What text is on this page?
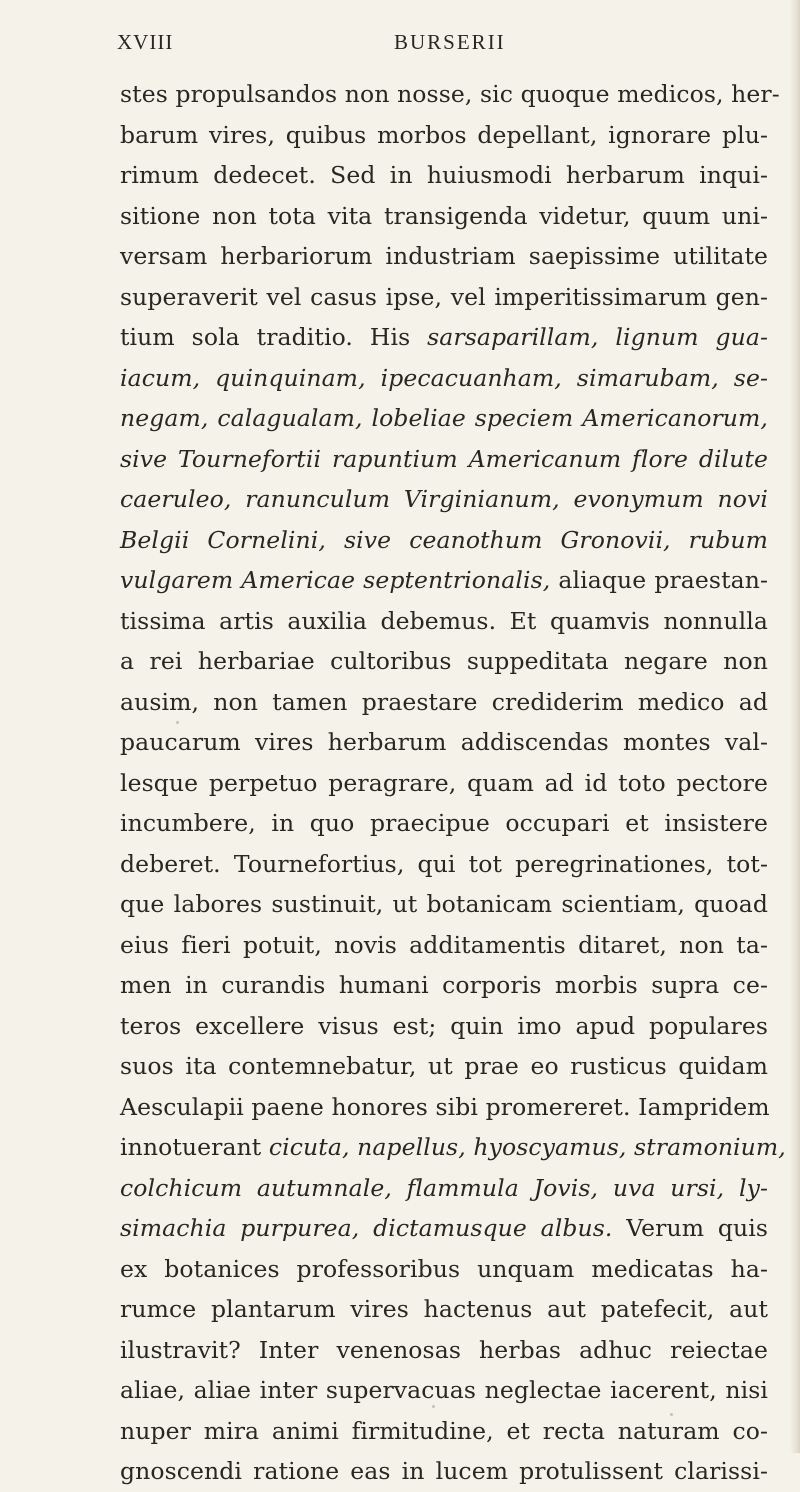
XVIII	BURSERII
stes propulsandos non nosse, sic quoque medicos, her-
barum vires, quibus morbos depellant, ignorare plu-
rimum dedecet. Sed in huiusmodi herbarum inqui-
sitione non tota vita transigenda videtur, quum uni-
versam herbariorum industriam saepissime utilitate
superaverit vel casus ipse, vel imperitissimarum gen-
tium sola traditio. His sarsaparillam, lignum gua-
iacum, quinquinam, ipecacuanham, simarubam, se-
negam, calagualam, lobeliae speciem Americanorum,
sive Tournefortii rapuntium Americanum flore dilute
caeruleo, ranunculum Virginianum, evonymum novi
Belgii Cornelini, sive ceanothum Gronovii, rubum
vulgarem Americae septentrionalis, aliaque praestan-
tissima artis auxilia debemus. Et quamvis nonnulla
a rei herbariae cultoribus suppeditata negare non
ausim, non tamen praestare crediderim medico ad
paucarum vires herbarum addiscendas montes val-
lesque perpetuo peragrare, quam ad id toto pectore
incumbere, in quo praecipue occupari et insistere
deberet. Tournefortius, qui tot peregrinationes, tot-
que labores sustinuit, ut botanicam scientiam, quoad
eius fieri potuit, novis additamentis ditaret, non ta-
men in curandis humani corporis morbis supra ce-
teros excellere visus est; quin imo apud populares
suos ita contemnebatur, ut prae eo rusticus quidam
Aesculapii paene honores sibi promereret. Iampridem
innotuerant cicuta, napellus, hyoscyamus, stramonium,
colchicum autumnale, flammula Jovis, uva ursi, ly-
simachia purpurea, dictamusque albus. Verum quis
ex botanices professoribus unquam medicatas ha-
rumce plantarum vires hactenus aut patefecit, aut
ilustravit? Inter venenosas herbas adhuc reiectae
aliae, aliae inter supervacuas neglectae iacerent, nisi
nuper mira animi firmitudine, et recta naturam co-
gnoscendi ratione eas in lucem protulissent clarissi-
